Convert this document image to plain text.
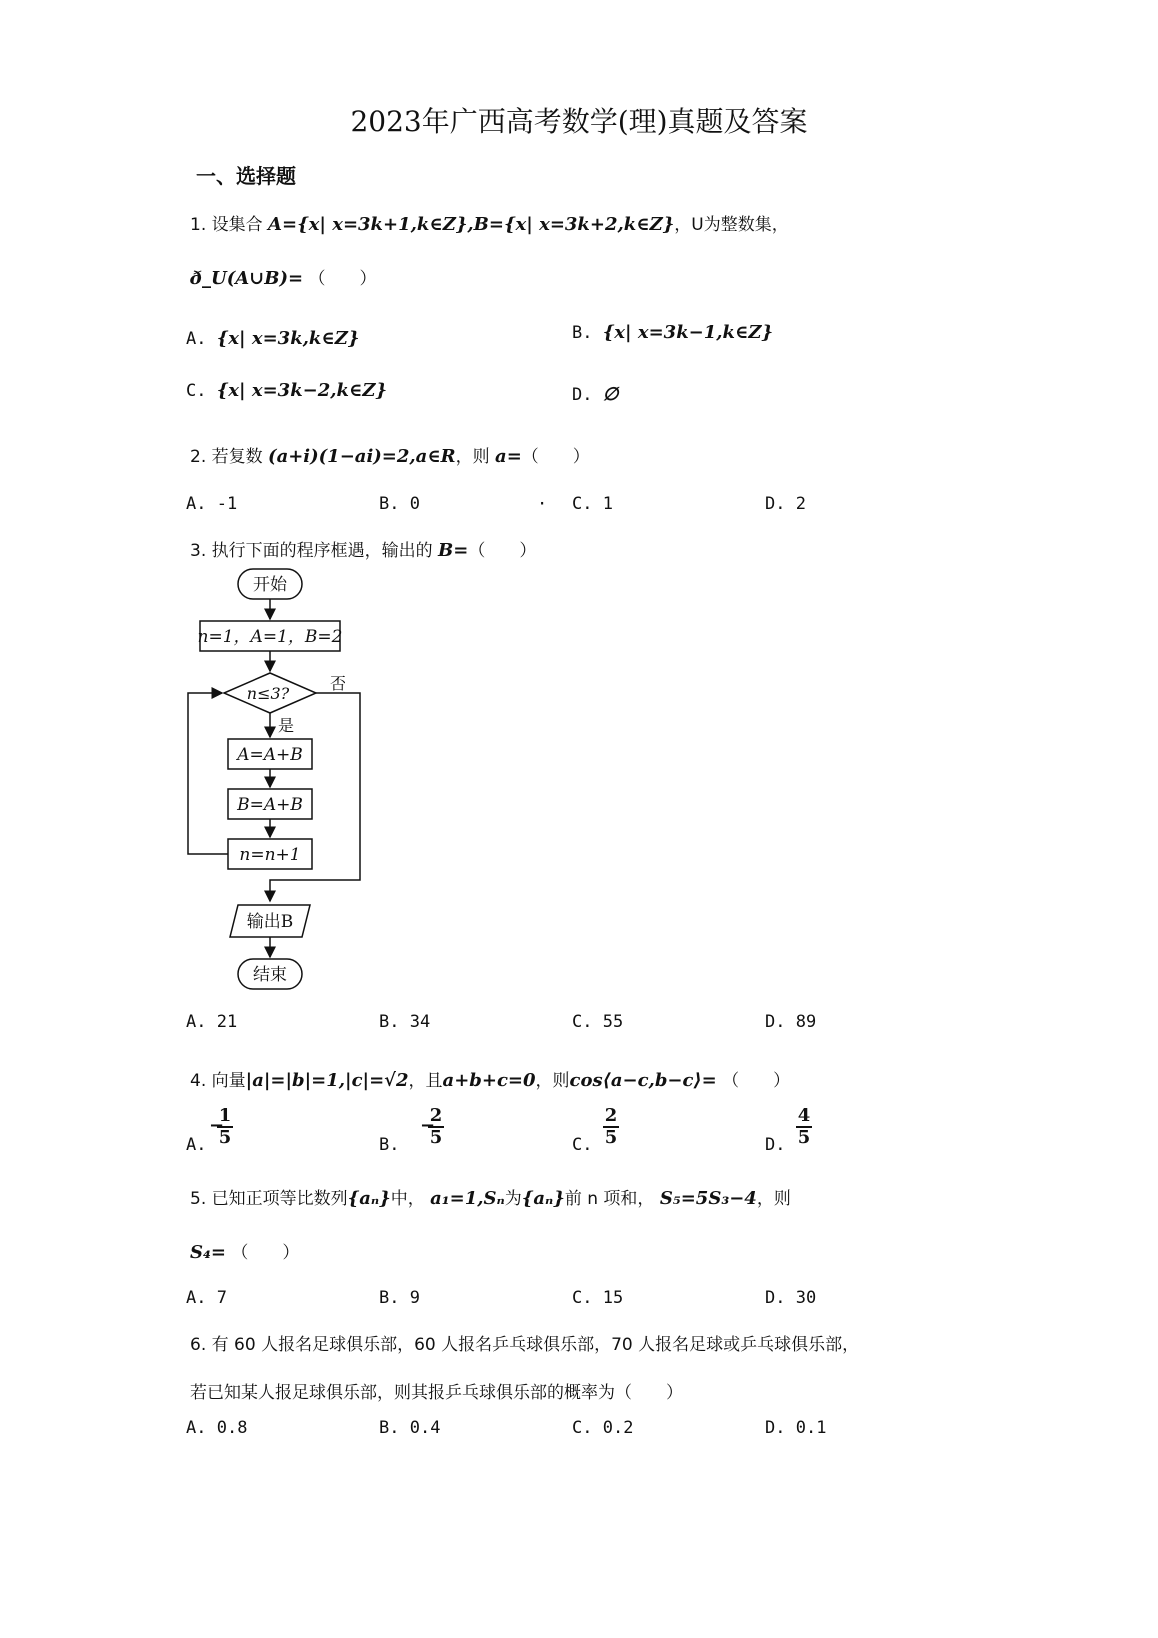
2023年广西高考数学(理)真题及答案
一、选择题
1. 设集合 A={x| x=3k+1,k∈Z},B={x| x=3k+2,k∈Z}，U为整数集，
ð_U(A∪B)= （　　）
A. {x| x=3k,k∈Z}	B. {x| x=3k−1,k∈Z}
C. {x| x=3k−2,k∈Z}	D. ∅
2. 若复数 (a+i)(1−ai)=2,a∈R，则 a=（　　）
A. -1	B. 0	· C. 1	D. 2
3. 执行下面的程序框遇，输出的 B=（　　）
开始
n=1，A=1，B=2
n≤3?
是
否
A=A+B
B=A+B
n=n+1
输出B
结束
A. 21	B. 34	C. 55	D. 89
4. 向量|a|=|b|=1,|c|=√2，且a+b+c=0，则cos⟨a−c,b−c⟩= （　　）
A.
−
1
5	B.
−
2
5	C. $\frac{2}{5}$	D. $\frac{4}{5}$
5. 已知正项等比数列{aₙ}中， a₁=1,Sₙ为{aₙ}前 n 项和， S₅=5S₃−4，则
S₄= （　　）
A. 7	B. 9	C. 15	D. 30
6. 有 60 人报名足球俱乐部，60 人报名乒乓球俱乐部，70 人报名足球或乒乓球俱乐部，
若已知某人报足球俱乐部，则其报乒乓球俱乐部的概率为（　　）
A. 0.8	B. 0.4	C. 0.2	D. 0.1
